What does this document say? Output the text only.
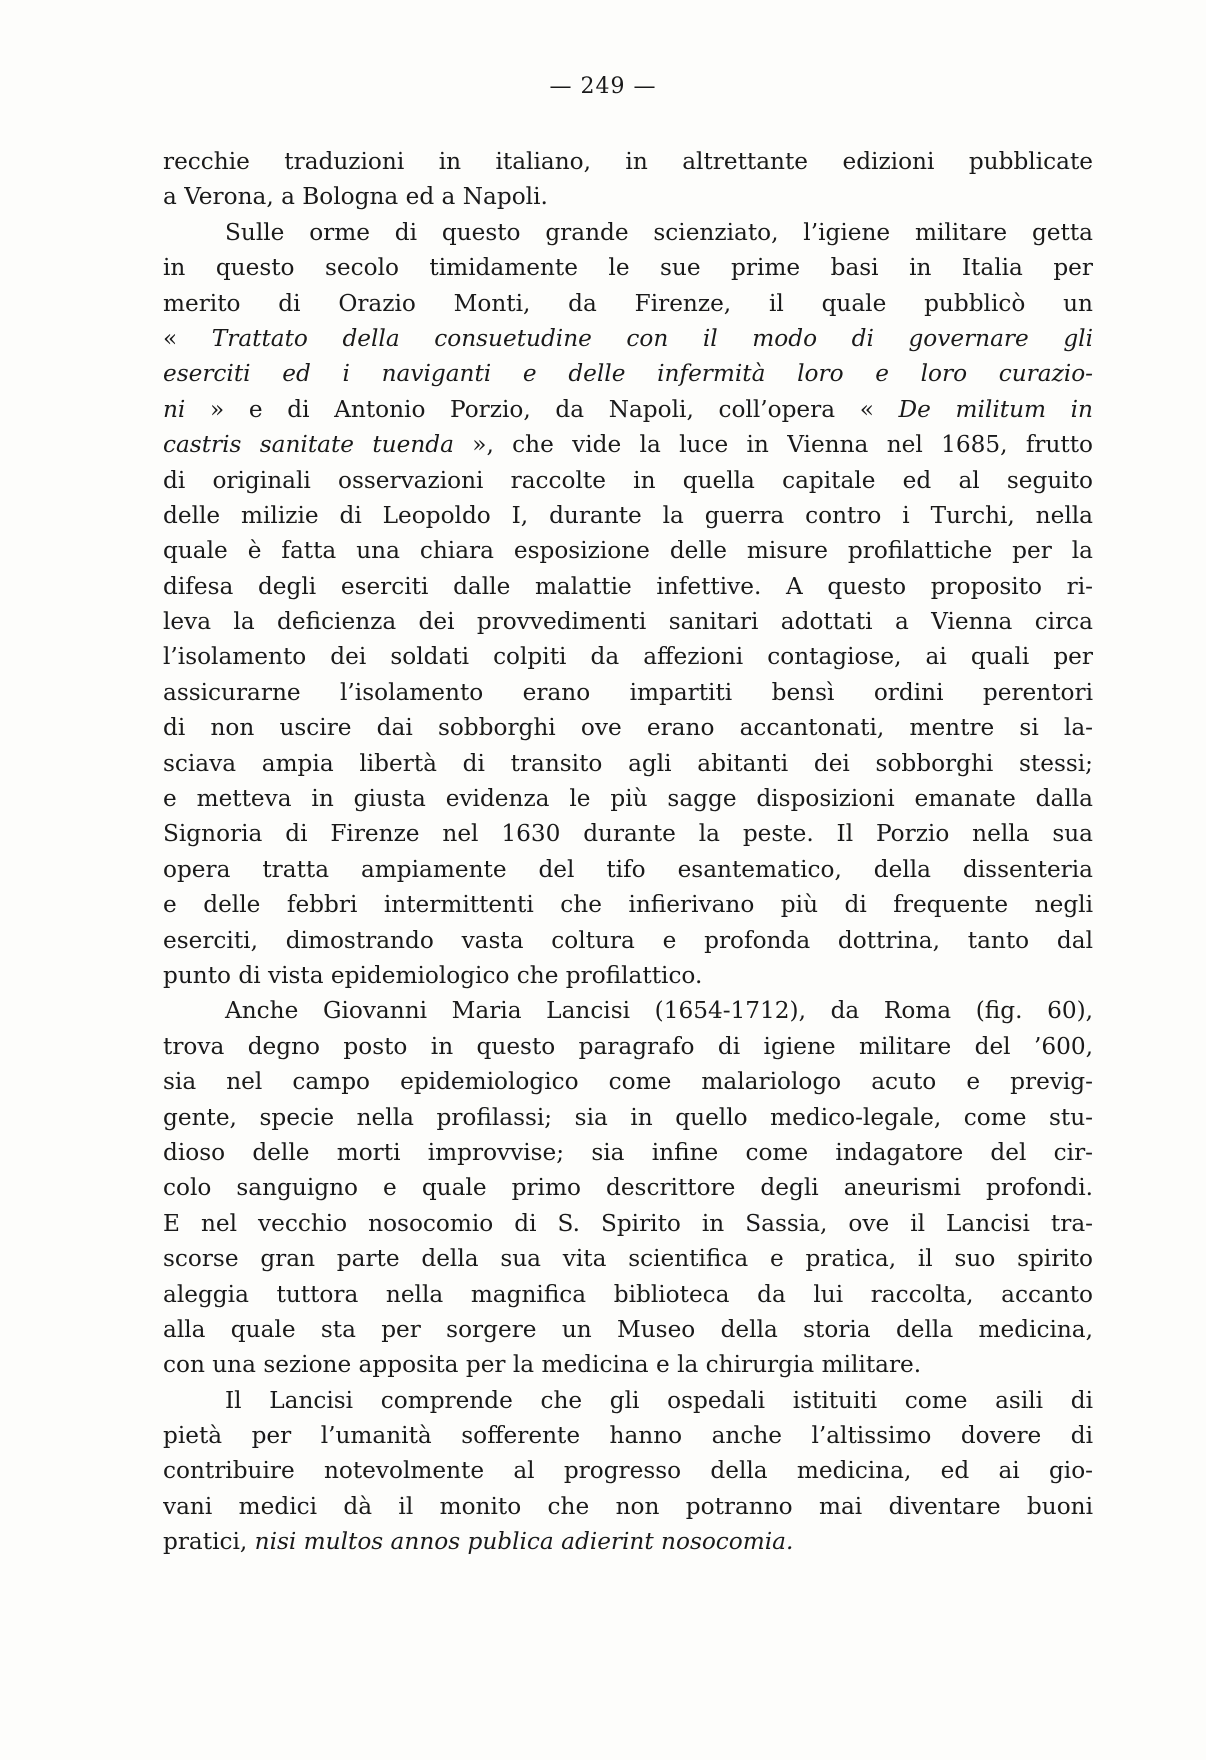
— 249 —
recchie traduzioni in italiano, in altrettante edizioni pubblicate
a Verona, a Bologna ed a Napoli.
Sulle orme di questo grande scienziato, l’igiene militare getta
in questo secolo timidamente le sue prime basi in Italia per
merito di Orazio Monti, da Firenze, il quale pubblicò un
« Trattato della consuetudine con il modo di governare gli
eserciti ed i naviganti e delle infermità loro e loro curazio-
ni » e di Antonio Porzio, da Napoli, coll’opera « De militum in
castris sanitate tuenda », che vide la luce in Vienna nel 1685, frutto
di originali osservazioni raccolte in quella capitale ed al seguito
delle milizie di Leopoldo I, durante la guerra contro i Turchi, nella
quale è fatta una chiara esposizione delle misure profilattiche per la
difesa degli eserciti dalle malattie infettive. A questo proposito ri-
leva la deficienza dei provvedimenti sanitari adottati a Vienna circa
l’isolamento dei soldati colpiti da affezioni contagiose, ai quali per
assicurarne l’isolamento erano impartiti bensì ordini perentori
di non uscire dai sobborghi ove erano accantonati, mentre si la-
sciava ampia libertà di transito agli abitanti dei sobborghi stessi;
e metteva in giusta evidenza le più sagge disposizioni emanate dalla
Signoria di Firenze nel 1630 durante la peste. Il Porzio nella sua
opera tratta ampiamente del tifo esantematico, della dissenteria
e delle febbri intermittenti che infierivano più di frequente negli
eserciti, dimostrando vasta coltura e profonda dottrina, tanto dal
punto di vista epidemiologico che profilattico.
Anche Giovanni Maria Lancisi (1654-1712), da Roma (fig. 60),
trova degno posto in questo paragrafo di igiene militare del ’600,
sia nel campo epidemiologico come malariologo acuto e previg-
gente, specie nella profilassi; sia in quello medico-legale, come stu-
dioso delle morti improvvise; sia infine come indagatore del cir-
colo sanguigno e quale primo descrittore degli aneurismi profondi.
E nel vecchio nosocomio di S. Spirito in Sassia, ove il Lancisi tra-
scorse gran parte della sua vita scientifica e pratica, il suo spirito
aleggia tuttora nella magnifica biblioteca da lui raccolta, accanto
alla quale sta per sorgere un Museo della storia della medicina,
con una sezione apposita per la medicina e la chirurgia militare.
Il Lancisi comprende che gli ospedali istituiti come asili di
pietà per l’umanità sofferente hanno anche l’altissimo dovere di
contribuire notevolmente al progresso della medicina, ed ai gio-
vani medici dà il monito che non potranno mai diventare buoni
pratici, nisi multos annos publica adierint nosocomia.
